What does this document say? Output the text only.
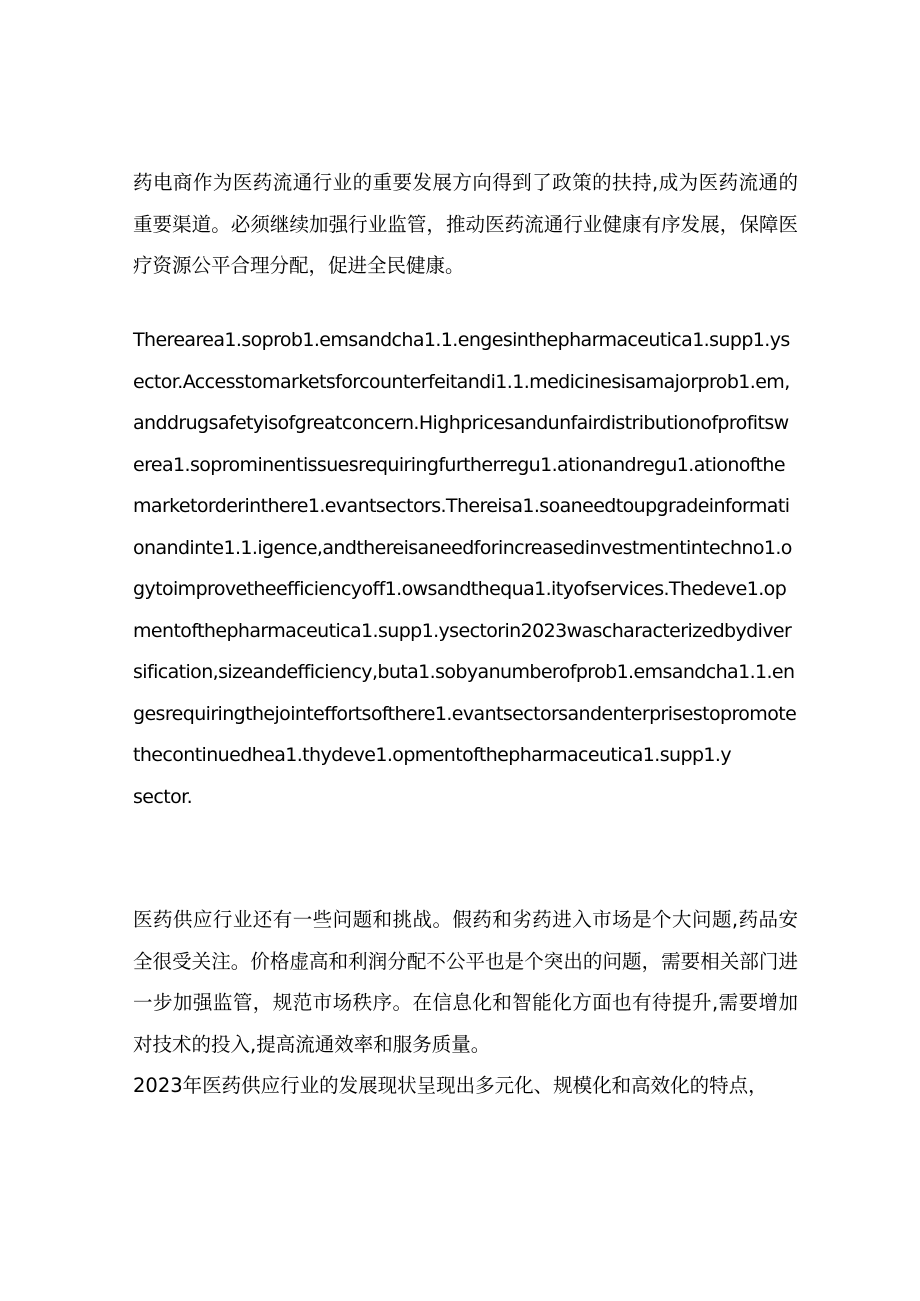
药电商作为医药流通行业的重要发展方向得到了政策的扶持,成为医药流通的重要渠道。必须继续加强行业监管，推动医药流通行业健康有序发展，保障医疗资源公平合理分配，促进全民健康。

Therearea1.soprob1.emsandcha1.1.engesinthepharmaceutica1.supp1.ysector.Accesstomarketsforcounterfeitandi1.1.medicinesisamajorprob1.em,anddrugsafetyisofgreatconcern.Highpricesandunfairdistributionofprofitswerea1.soprominentissuesrequiringfurtherregu1.ationandregu1.ationofthemarketorderinthere1.evantsectors.Thereisa1.soaneedtoupgradeinformationandinte1.1.igence,andthereisaneedforincreasedinvestmentintechno1.ogytoimprovetheefficiencyoff1.owsandthequa1.ityofservices.Thedeve1.opmentofthepharmaceutica1.supp1.ysectorin2023wascharacterizedbydiversification,sizeandefficiency,buta1.sobyanumberofprob1.emsandcha1.1.engesrequiringthejointeffortsofthere1.evantsectorsandenterprisestopromotethecontinuedhea1.thydeve1.opmentofthepharmaceutica1.supp1.y
sector.

医药供应行业还有一些问题和挑战。假药和劣药进入市场是个大问题,药品安全很受关注。价格虚高和利润分配不公平也是个突出的问题，需要相关部门进一步加强监管，规范市场秩序。在信息化和智能化方面也有待提升,需要增加对技术的投入,提高流通效率和服务质量。
2023年医药供应行业的发展现状呈现出多元化、规模化和高效化的特点，
